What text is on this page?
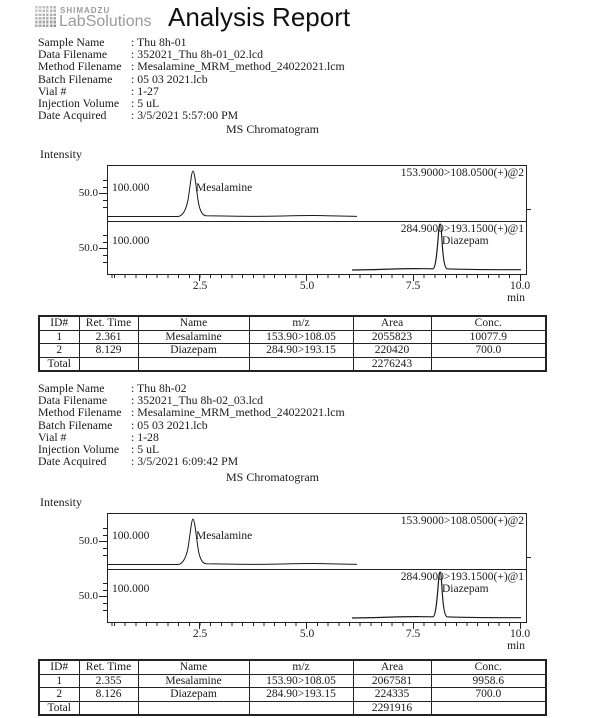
SHIMADZU
LabSolutions Analysis Report
Sample Name	: Thu 8h-01
Data Filename	: 352021_Thu 8h-01_02.lcd
Method Filename : Mesalamine_MRM_method_24022021.lcm
Batch Filename	: 05 03 2021.lcb
Vial #	: 1-27
Injection Volume	: 5 uL
Date Acquired	: 3/5/2021 5:57:00 PM
MS Chromatogram
Intensity
153.9000>108.0500(+)@2
100.000	Mesalamine
284.9000>193.1500(+)@1
100.000	Diazepam
50.0
50.0
2.5	5.0	7.5	10.0
min
ID#	Ret. Time	Name	m/z	Area	Conc.
1	2.361	Mesalamine	153.90>108.05	2055823	10077.9
2	8.129	Diazepam	284.90>193.15	220420	700.0
Total				2276243	
Sample Name	: Thu 8h-02
Data Filename	: 352021_Thu 8h-02_03.lcd
Method Filename : Mesalamine_MRM_method_24022021.lcm
Batch Filename	: 05 03 2021.lcb
Vial #	: 1-28
Injection Volume	: 5 uL
Date Acquired	: 3/5/2021 6:09:42 PM
MS Chromatogram
Intensity
153.9000>108.0500(+)@2
100.000	Mesalamine
284.9000>193.1500(+)@1
100.000	Diazepam
50.0
50.0
2.5	5.0	7.5	10.0
min
ID#	Ret. Time	Name	m/z	Area	Conc.
1	2.355	Mesalamine	153.90>108.05	2067581	9958.6
2	8.126	Diazepam	284.90>193.15	224335	700.0
Total				2291916	
